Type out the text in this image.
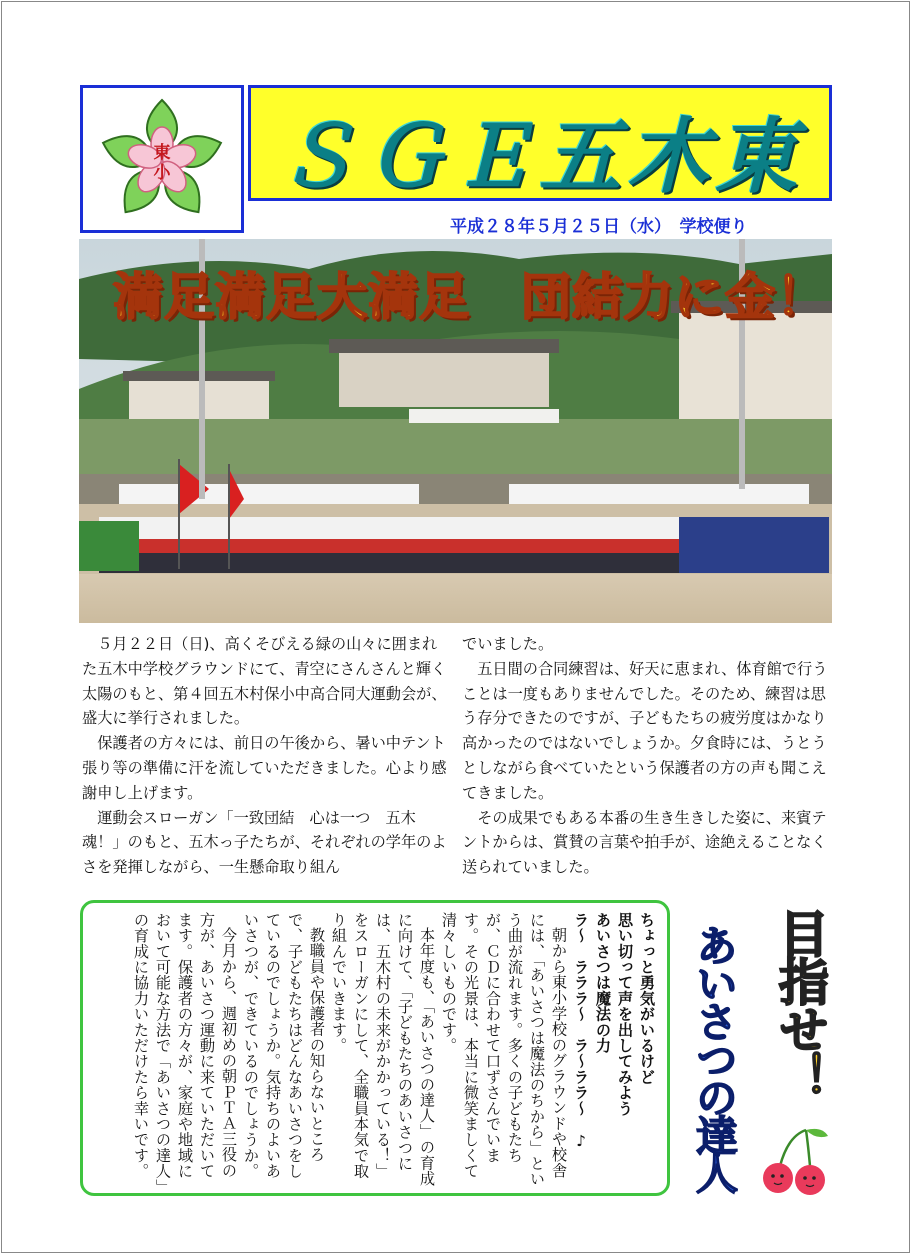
東
小 ＳＧＥ五木東
平成２８年５月２５日（水）　学校便り
満足満足大満足　団結力に金！

５月２２日（日)、高くそびえる緑の山々に囲まれた五木中学校グラウンドにて、青空にさんさんと輝く太陽のもと、第４回五木村保小中高合同大運動会が、盛大に挙行されました。

保護者の方々には、前日の午後から、暑い中テント張り等の準備に汗を流していただきました。心より感謝申し上げます。

運動会スローガン「一致団結　心は一つ　五木魂！」のもと、五木っ子たちが、それぞれの学年のよさを発揮しながら、一生懸命取り組ん

でいました。

五日間の合同練習は、好天に恵まれ、体育館で行うことは一度もありませんでした。そのため、練習は思う存分できたのですが、子どもたちの疲労度はかなり高かったのではないでしょうか。夕食時には、うとうとしながら食べていたという保護者の方の声も聞こえてきました。

その成果でもある本番の生き生きした姿に、来賓テントからは、賞賛の言葉や拍手が、途絶えることなく送られていました。

ちょっと勇気がいるけど

思い切って声を出してみよう

あいさつは魔法の力

ラ～　ラララ～　ラ～ララ～　♪

朝から東小学校のグラウンドや校舎には、「あいさつは魔法のちから」という曲が流れます。多くの子どもたちが、ＣＤに合わせて口ずさんでいます。その光景は、本当に微笑ましくて清々しいものです。

本年度も、「あいさつの達人」の育成に向けて、「子どもたちのあいさつには、五木村の未来がかかっている！」をスローガンにして、全職員本気で取り組んでいきます。

教職員や保護者の知らないところで、子どもたちはどんなあいさつをしているのでしょうか。気持ちのよいあいさつが、できているのでしょうか。

今月から、週初めの朝ＰＴＡ三役の方が、あいさつ運動に来ていただいてます。保護者の方々が、家庭や地域において可能な方法で「あいさつの達人」の育成に協力いただけたら幸いです。	目指せ！
あいさつの達人
